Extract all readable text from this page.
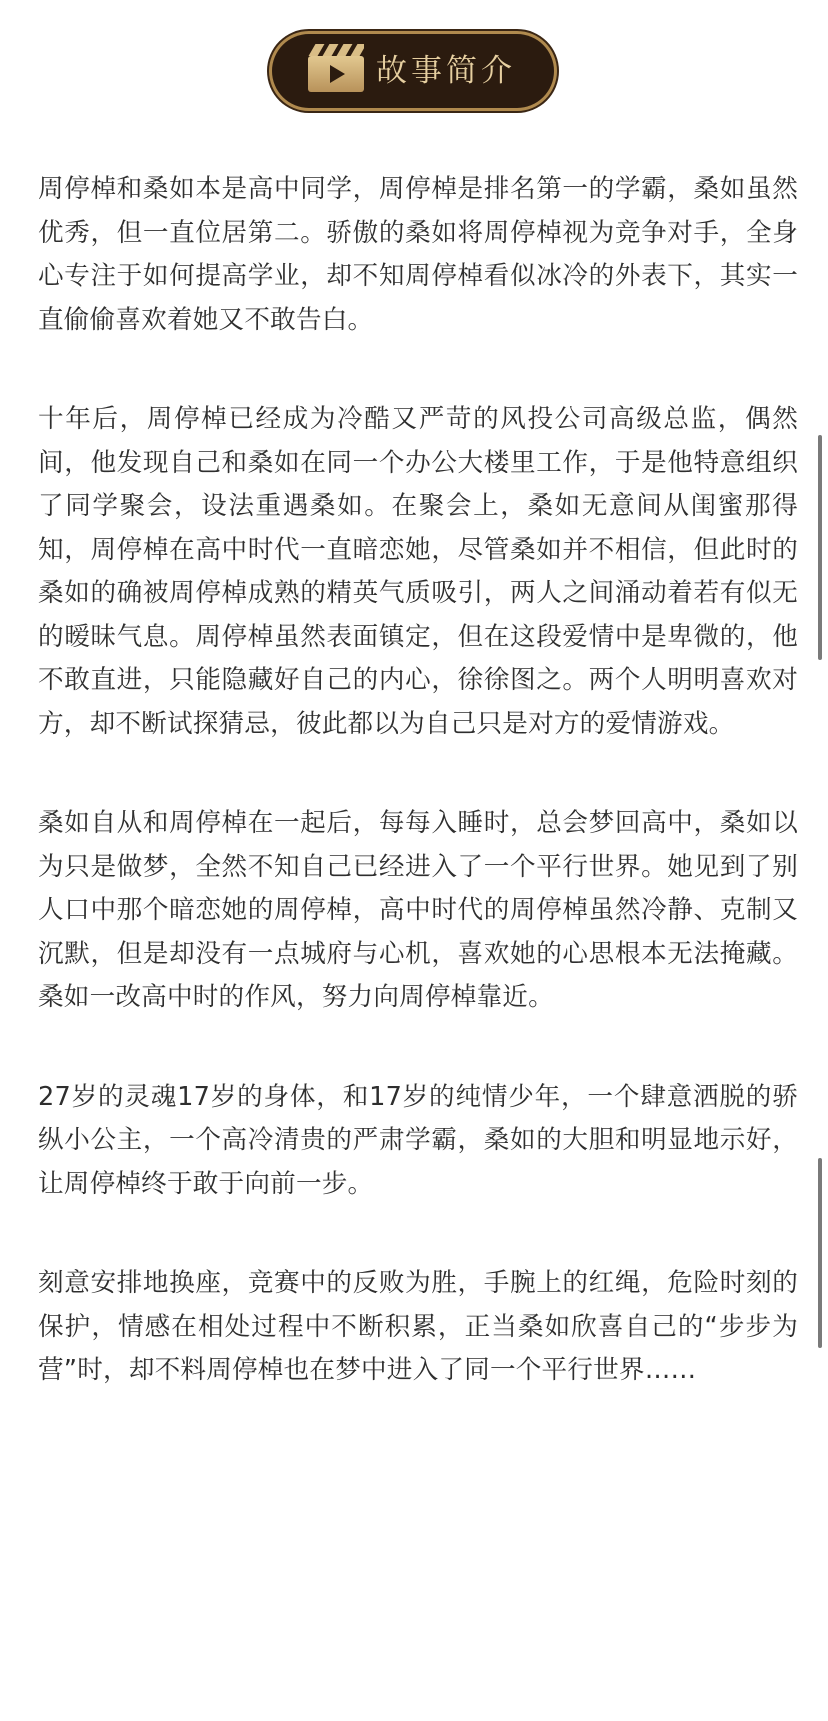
故事简介

周停棹和桑如本是高中同学，周停棹是排名第一的学霸，桑如虽然优秀，但一直位居第二。骄傲的桑如将周停棹视为竞争对手，全身心专注于如何提高学业，却不知周停棹看似冰冷的外表下，其实一直偷偷喜欢着她又不敢告白。

十年后，周停棹已经成为冷酷又严苛的风投公司高级总监，偶然间，他发现自己和桑如在同一个办公大楼里工作，于是他特意组织了同学聚会，设法重遇桑如。在聚会上，桑如无意间从闺蜜那得知，周停棹在高中时代一直暗恋她，尽管桑如并不相信，但此时的桑如的确被周停棹成熟的精英气质吸引，两人之间涌动着若有似无的暧昧气息。周停棹虽然表面镇定，但在这段爱情中是卑微的，他不敢直进，只能隐藏好自己的内心，徐徐图之。两个人明明喜欢对方，却不断试探猜忌，彼此都以为自己只是对方的爱情游戏。

桑如自从和周停棹在一起后，每每入睡时，总会梦回高中，桑如以为只是做梦，全然不知自己已经进入了一个平行世界。她见到了别人口中那个暗恋她的周停棹，高中时代的周停棹虽然冷静、克制又沉默，但是却没有一点城府与心机，喜欢她的心思根本无法掩藏。桑如一改高中时的作风，努力向周停棹靠近。

27岁的灵魂17岁的身体，和17岁的纯情少年，一个肆意洒脱的骄纵小公主，一个高冷清贵的严肃学霸，桑如的大胆和明显地示好，让周停棹终于敢于向前一步。

刻意安排地换座，竞赛中的反败为胜，手腕上的红绳，危险时刻的保护，情感在相处过程中不断积累，正当桑如欣喜自己的“步步为营”时，却不料周停棹也在梦中进入了同一个平行世界……
